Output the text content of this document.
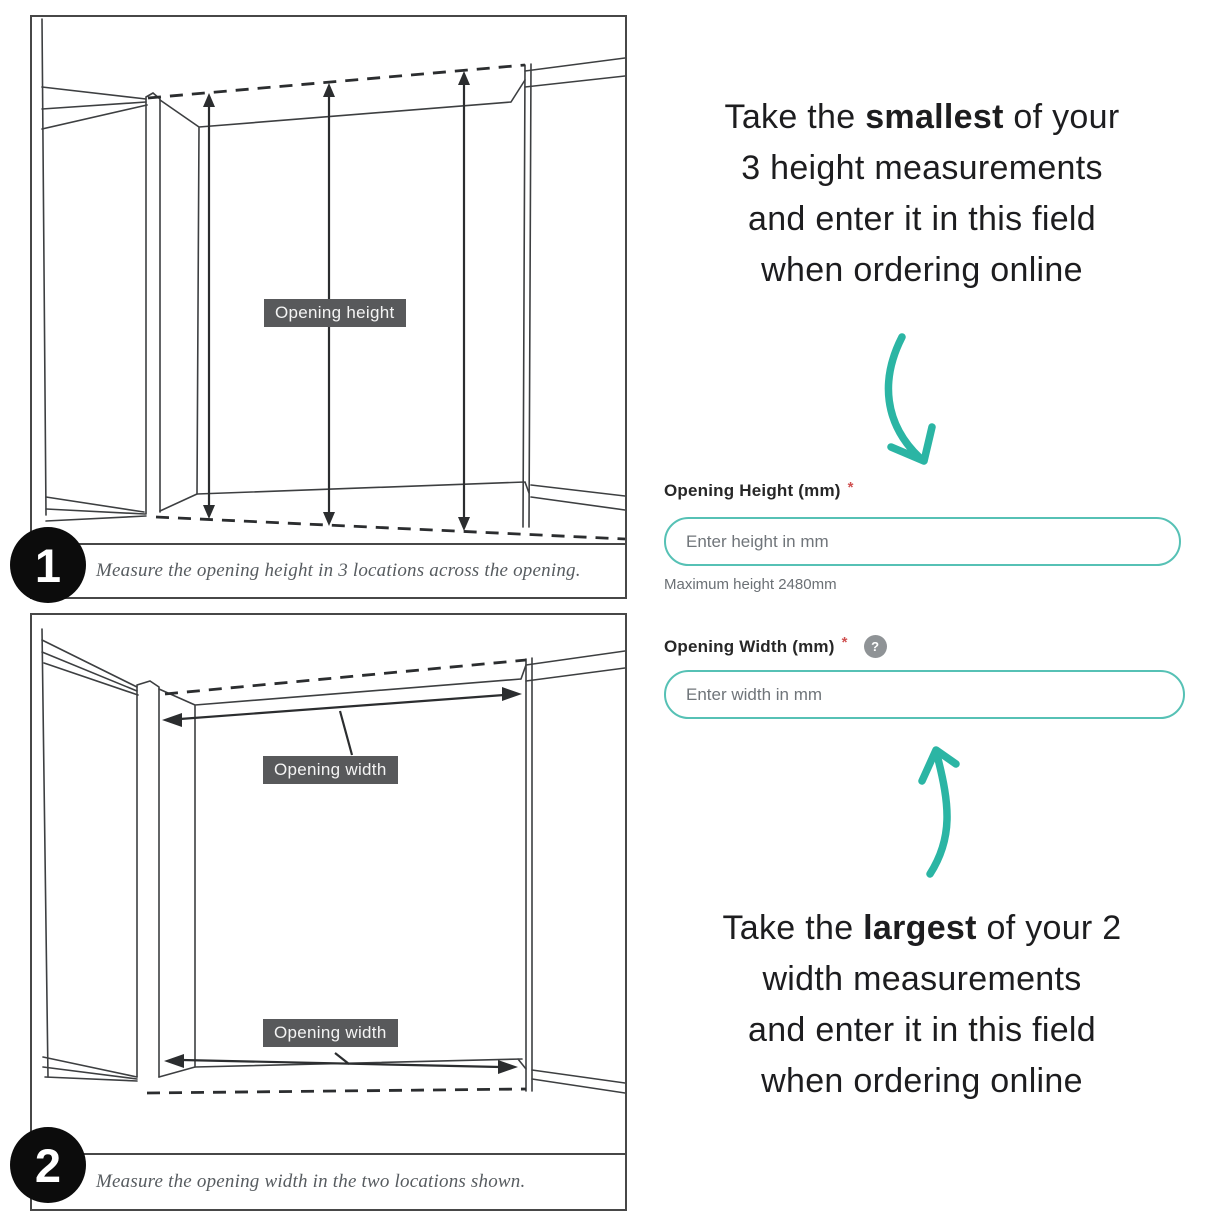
Opening height
Measure the opening height in 3 locations across the opening.
1
Opening width
Opening width
Measure the opening width in the two locations shown.
2
Take the smallest of your
3 height measurements
and enter it in this field
when ordering online
Opening Height (mm) *
Enter height in mm
Maximum height 2480mm
Opening Width (mm) *	?
Enter width in mm
Take the largest of your 2
width measurements
and enter it in this field
when ordering online
